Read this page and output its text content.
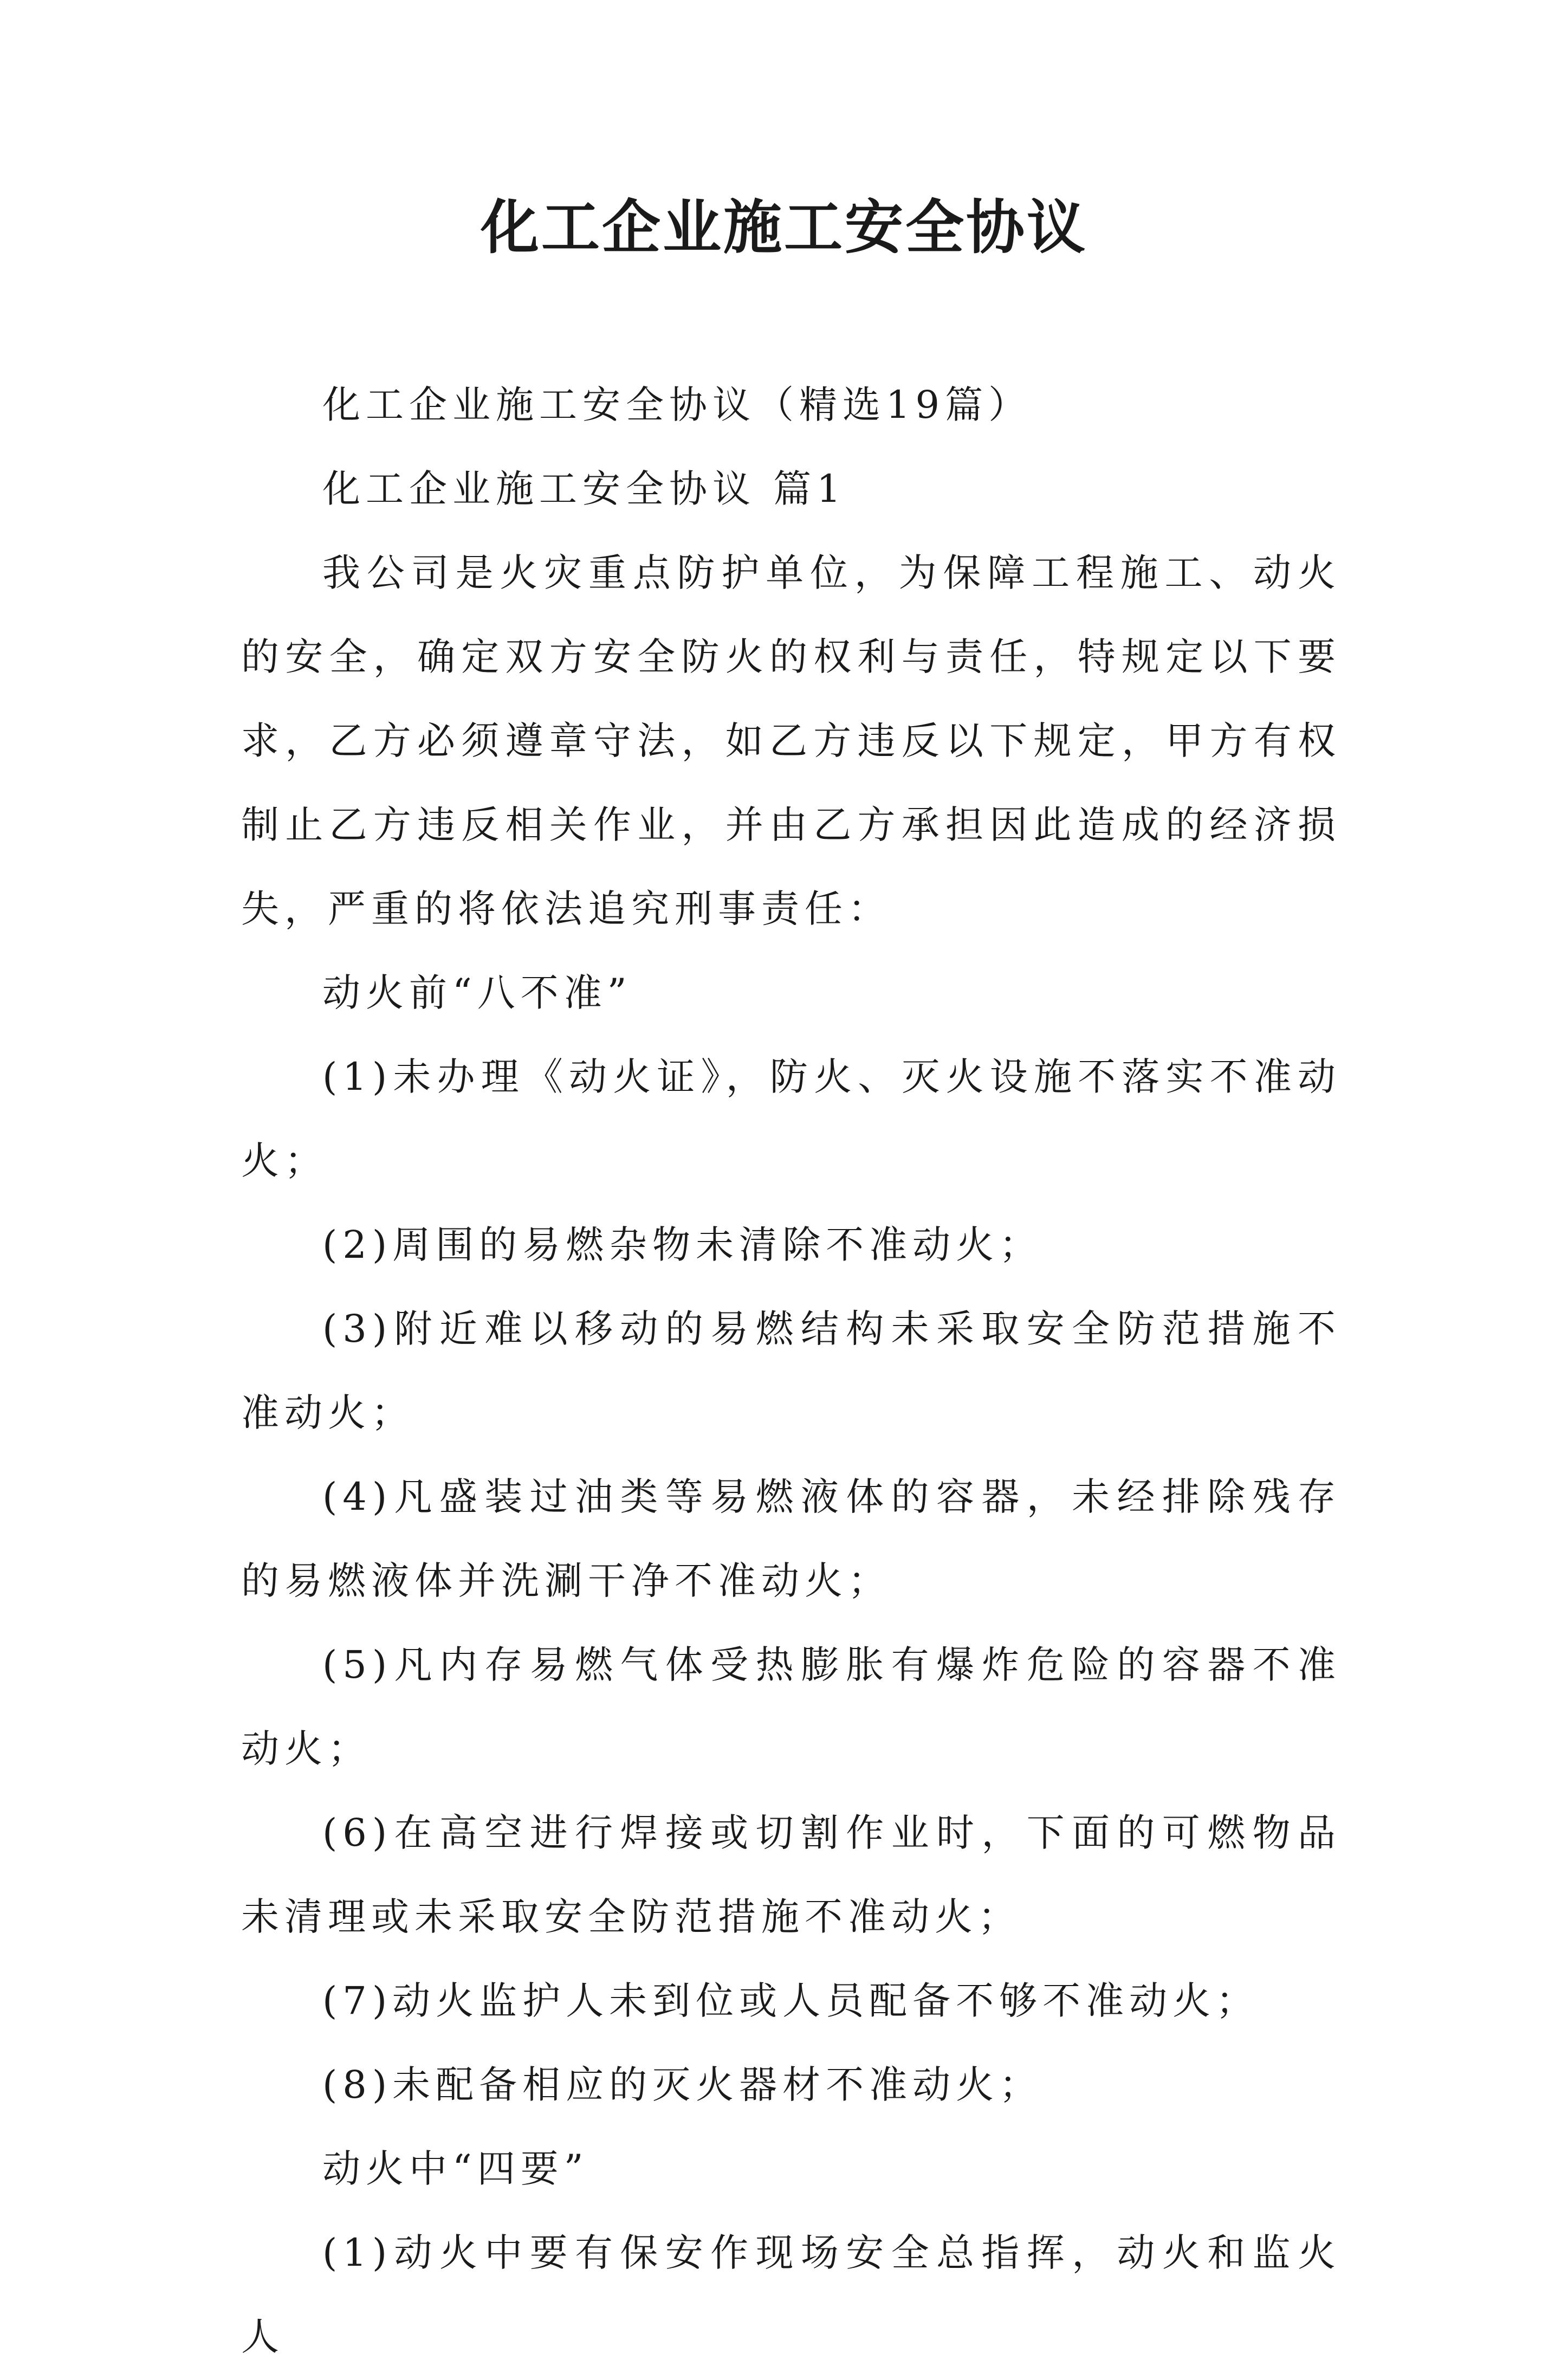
化工企业施工安全协议

化工企业施工安全协议（精选19篇）

化工企业施工安全协议 篇1

我公司是火灾重点防护单位，为保障工程施工、动火的安全，确定双方安全防火的权利与责任，特规定以下要求，乙方必须遵章守法，如乙方违反以下规定，甲方有权制止乙方违反相关作业，并由乙方承担因此造成的经济损失，严重的将依法追究刑事责任：

动火前“八不准”

(1)未办理《动火证》，防火、灭火设施不落实不准动火；

(2)周围的易燃杂物未清除不准动火；

(3)附近难以移动的易燃结构未采取安全防范措施不准动火；

(4)凡盛装过油类等易燃液体的容器，未经排除残存的易燃液体并洗涮干净不准动火；

(5)凡内存易燃气体受热膨胀有爆炸危险的容器不准动火；

(6)在高空进行焊接或切割作业时，下面的可燃物品未清理或未采取安全防范措施不准动火；

(7)动火监护人未到位或人员配备不够不准动火；

(8)未配备相应的灭火器材不准动火；

动火中“四要”

(1)动火中要有保安作现场安全总指挥，动火和监火人
